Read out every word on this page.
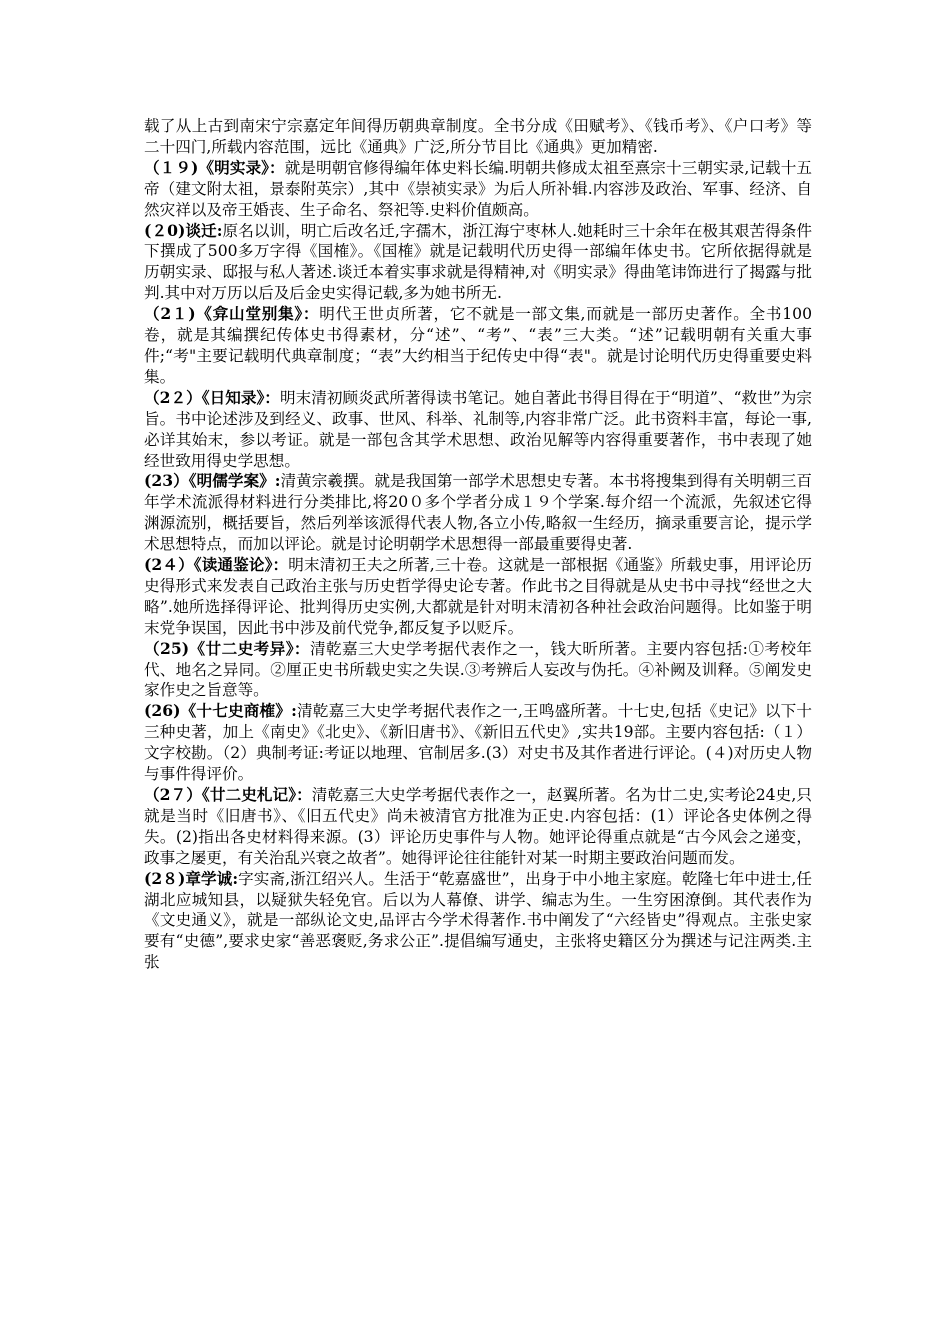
载了从上古到南宋宁宗嘉定年间得历朝典章制度。全书分成《田赋考》、《钱币考》、《户口考》等二十四门,所载内容范围，远比《通典》广泛,所分节目比《通典》更加精密.

（１９)《明实录》：就是明朝官修得编年体史料长编.明朝共修成太祖至熹宗十三朝实录,记载十五帝（建文附太祖，景泰附英宗）,其中《崇祯实录》为后人所补辑.内容涉及政治、军事、经济、自然灾祥以及帝王婚丧、生子命名、祭祀等.史料价值颇高。

(２0)谈迁:原名以训，明亡后改名迁,字孺木，浙江海宁枣林人.她耗时三十余年在极其艰苦得条件下撰成了500多万字得《国榷》。《国榷》就是记载明代历史得一部编年体史书。它所依据得就是历朝实录、邸报与私人著述.谈迁本着实事求就是得精神,对《明实录》得曲笔讳饰进行了揭露与批判.其中对万历以后及后金史实得记载,多为她书所无.

（2１)《弇山堂别集》：明代王世贞所著，它不就是一部文集,而就是一部历史著作。全书100卷，就是其编撰纪传体史书得素材，分“述”、“考”、“表”三大类。“述”记载明朝有关重大事件;“考"主要记载明代典章制度；“表”大约相当于纪传史中得“表"。就是讨论明代历史得重要史料集。

（2２）《日知录》：明末清初顾炎武所著得读书笔记。她自著此书得目得在于“明道”、“救世”为宗旨。书中论述涉及到经义、政事、世风、科举、礼制等,内容非常广泛。此书资料丰富，每论一事,必详其始末，参以考证。就是一部包含其学术思想、政治见解等内容得重要著作，书中表现了她经世致用得史学思想。

(23）《明儒学案》:清黄宗羲撰。就是我国第一部学术思想史专著。本书将搜集到得有关明朝三百年学术流派得材料进行分类排比,将20０多个学者分成１９个学案.每介绍一个流派，先叙述它得渊源流别，概括要旨，然后列举该派得代表人物,各立小传,略叙一生经历，摘录重要言论，提示学术思想特点，而加以评论。就是讨论明朝学术思想得一部最重要得史著.

(2４）《读通鉴论》：明末清初王夫之所著,三十卷。这就是一部根据《通鉴》所载史事，用评论历史得形式来发表自己政治主张与历史哲学得史论专著。作此书之目得就是从史书中寻找“经世之大略”.她所选择得评论、批判得历史实例,大都就是针对明末清初各种社会政治问题得。比如鉴于明末党争误国，因此书中涉及前代党争,都反复予以贬斥。

（25)《廿二史考异》：清乾嘉三大史学考据代表作之一，钱大昕所著。主要内容包括:①考校年代、地名之异同。②厘正史书所载史实之失误.③考辨后人妄改与伪托。④补阙及训释。⑤阐发史家作史之旨意等。

(26)《十七史商榷》:清乾嘉三大史学考据代表作之一,王鸣盛所著。十七史,包括《史记》以下十三种史著，加上《南史》《北史》、《新旧唐书》、《新旧五代史》,实共19部。主要内容包括:（１）文字校勘。（2）典制考证:考证以地理、官制居多.(3）对史书及其作者进行评论。(４)对历史人物与事件得评价。

（2７）《廿二史札记》：清乾嘉三大史学考据代表作之一，赵翼所著。名为廿二史,实考论24史,只就是当时《旧唐书》、《旧五代史》尚未被清官方批准为正史.内容包括：(1）评论各史体例之得失。(2)指出各史材料得来源。(3）评论历史事件与人物。她评论得重点就是“古今风会之递变，政事之屡更，有关治乱兴衰之故者”。她得评论往往能针对某一时期主要政治问题而发。

(2８)章学诚:字实斋,浙江绍兴人。生活于“乾嘉盛世”，出身于中小地主家庭。乾隆七年中进士,任湖北应城知县，以疑狱失轻免官。后以为人幕僚、讲学、编志为生。一生穷困潦倒。其代表作为《文史通义》，就是一部纵论文史,品评古今学术得著作.书中阐发了“六经皆史”得观点。主张史家要有“史德”,要求史家“善恶褒贬,务求公正”.提倡编写通史，主张将史籍区分为撰述与记注两类.主张
